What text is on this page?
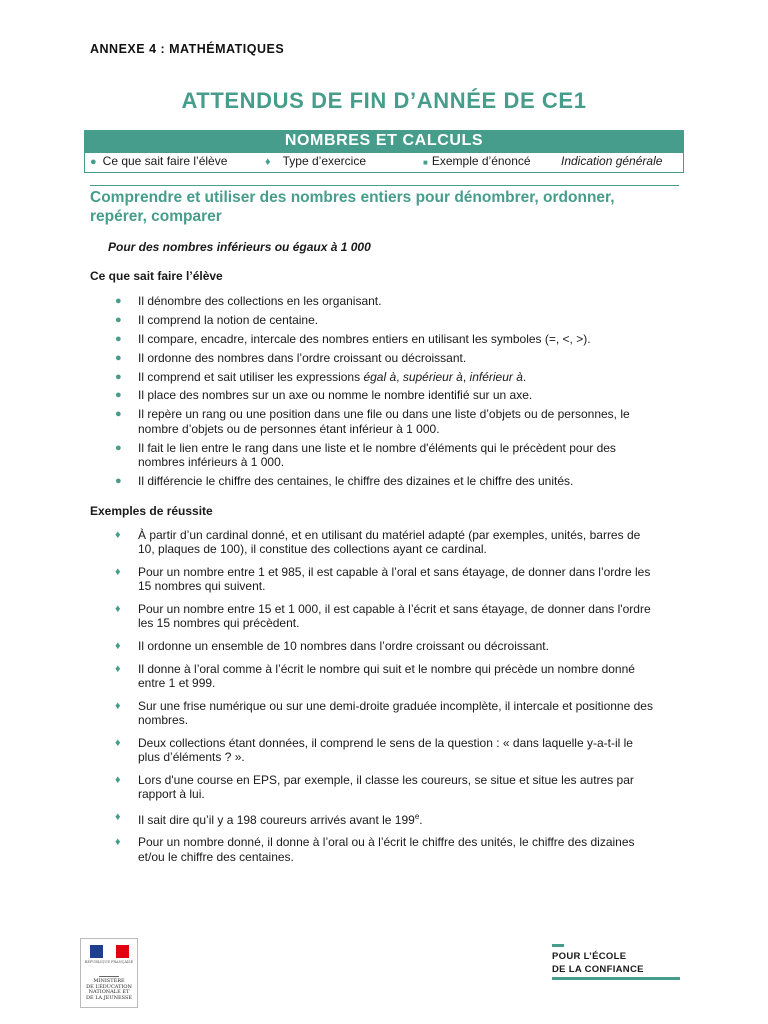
ANNEXE 4 : MATHÉMATIQUES
ATTENDUS DE FIN D’ANNÉE DE CE1
NOMBRES ET CALCULS
● Ce que sait faire l’élève	♦ Type d’exercice	■ Exemple d’énoncé	Indication générale
Comprendre et utiliser des nombres entiers pour dénombrer, ordonner, repérer, comparer
Pour des nombres inférieurs ou égaux à 1 000
Ce que sait faire l’élève
● Il dénombre des collections en les organisant.
● Il comprend la notion de centaine.
● Il compare, encadre, intercale des nombres entiers en utilisant les symboles (=, <, >).
● Il ordonne des nombres dans l’ordre croissant ou décroissant.
● Il comprend et sait utiliser les expressions égal à, supérieur à, inférieur à.
● Il place des nombres sur un axe ou nomme le nombre identifié sur un axe.
● Il repère un rang ou une position dans une file ou dans une liste d’objets ou de personnes, le nombre d’objets ou de personnes étant inférieur à 1 000.
● Il fait le lien entre le rang dans une liste et le nombre d'éléments qui le précèdent pour des nombres inférieurs à 1 000.
● Il différencie le chiffre des centaines, le chiffre des dizaines et le chiffre des unités.
Exemples de réussite
♦ À partir d’un cardinal donné, et en utilisant du matériel adapté (par exemples, unités, barres de 10, plaques de 100), il constitue des collections ayant ce cardinal.
♦ Pour un nombre entre 1 et 985, il est capable à l’oral et sans étayage, de donner dans l’ordre les 15 nombres qui suivent.
♦ Pour un nombre entre 15 et 1 000, il est capable à l’écrit et sans étayage, de donner dans l'ordre les 15 nombres qui précèdent.
♦ Il ordonne un ensemble de 10 nombres dans l’ordre croissant ou décroissant.
♦ Il donne à l’oral comme à l’écrit le nombre qui suit et le nombre qui précède un nombre donné entre 1 et 999.
♦ Sur une frise numérique ou sur une demi-droite graduée incomplète, il intercale et positionne des nombres.
♦ Deux collections étant données, il comprend le sens de la question : « dans laquelle y-a-t-il le plus d’éléments ? ».
♦ Lors d'une course en EPS, par exemple, il classe les coureurs, se situe et situe les autres par rapport à lui.
♦ Il sait dire qu’il y a 198 coureurs arrivés avant le 199e.
♦ Pour un nombre donné, il donne à l’oral ou à l’écrit le chiffre des unités, le chiffre des dizaines et/ou le chiffre des centaines.
RÉPUBLIQUE FRANÇAISE
MINISTÈRE
DE L’ÉDUCATION
NATIONALE ET
DE LA JEUNESSE
POUR L’ÉCOLE
DE LA CONFIANCE
